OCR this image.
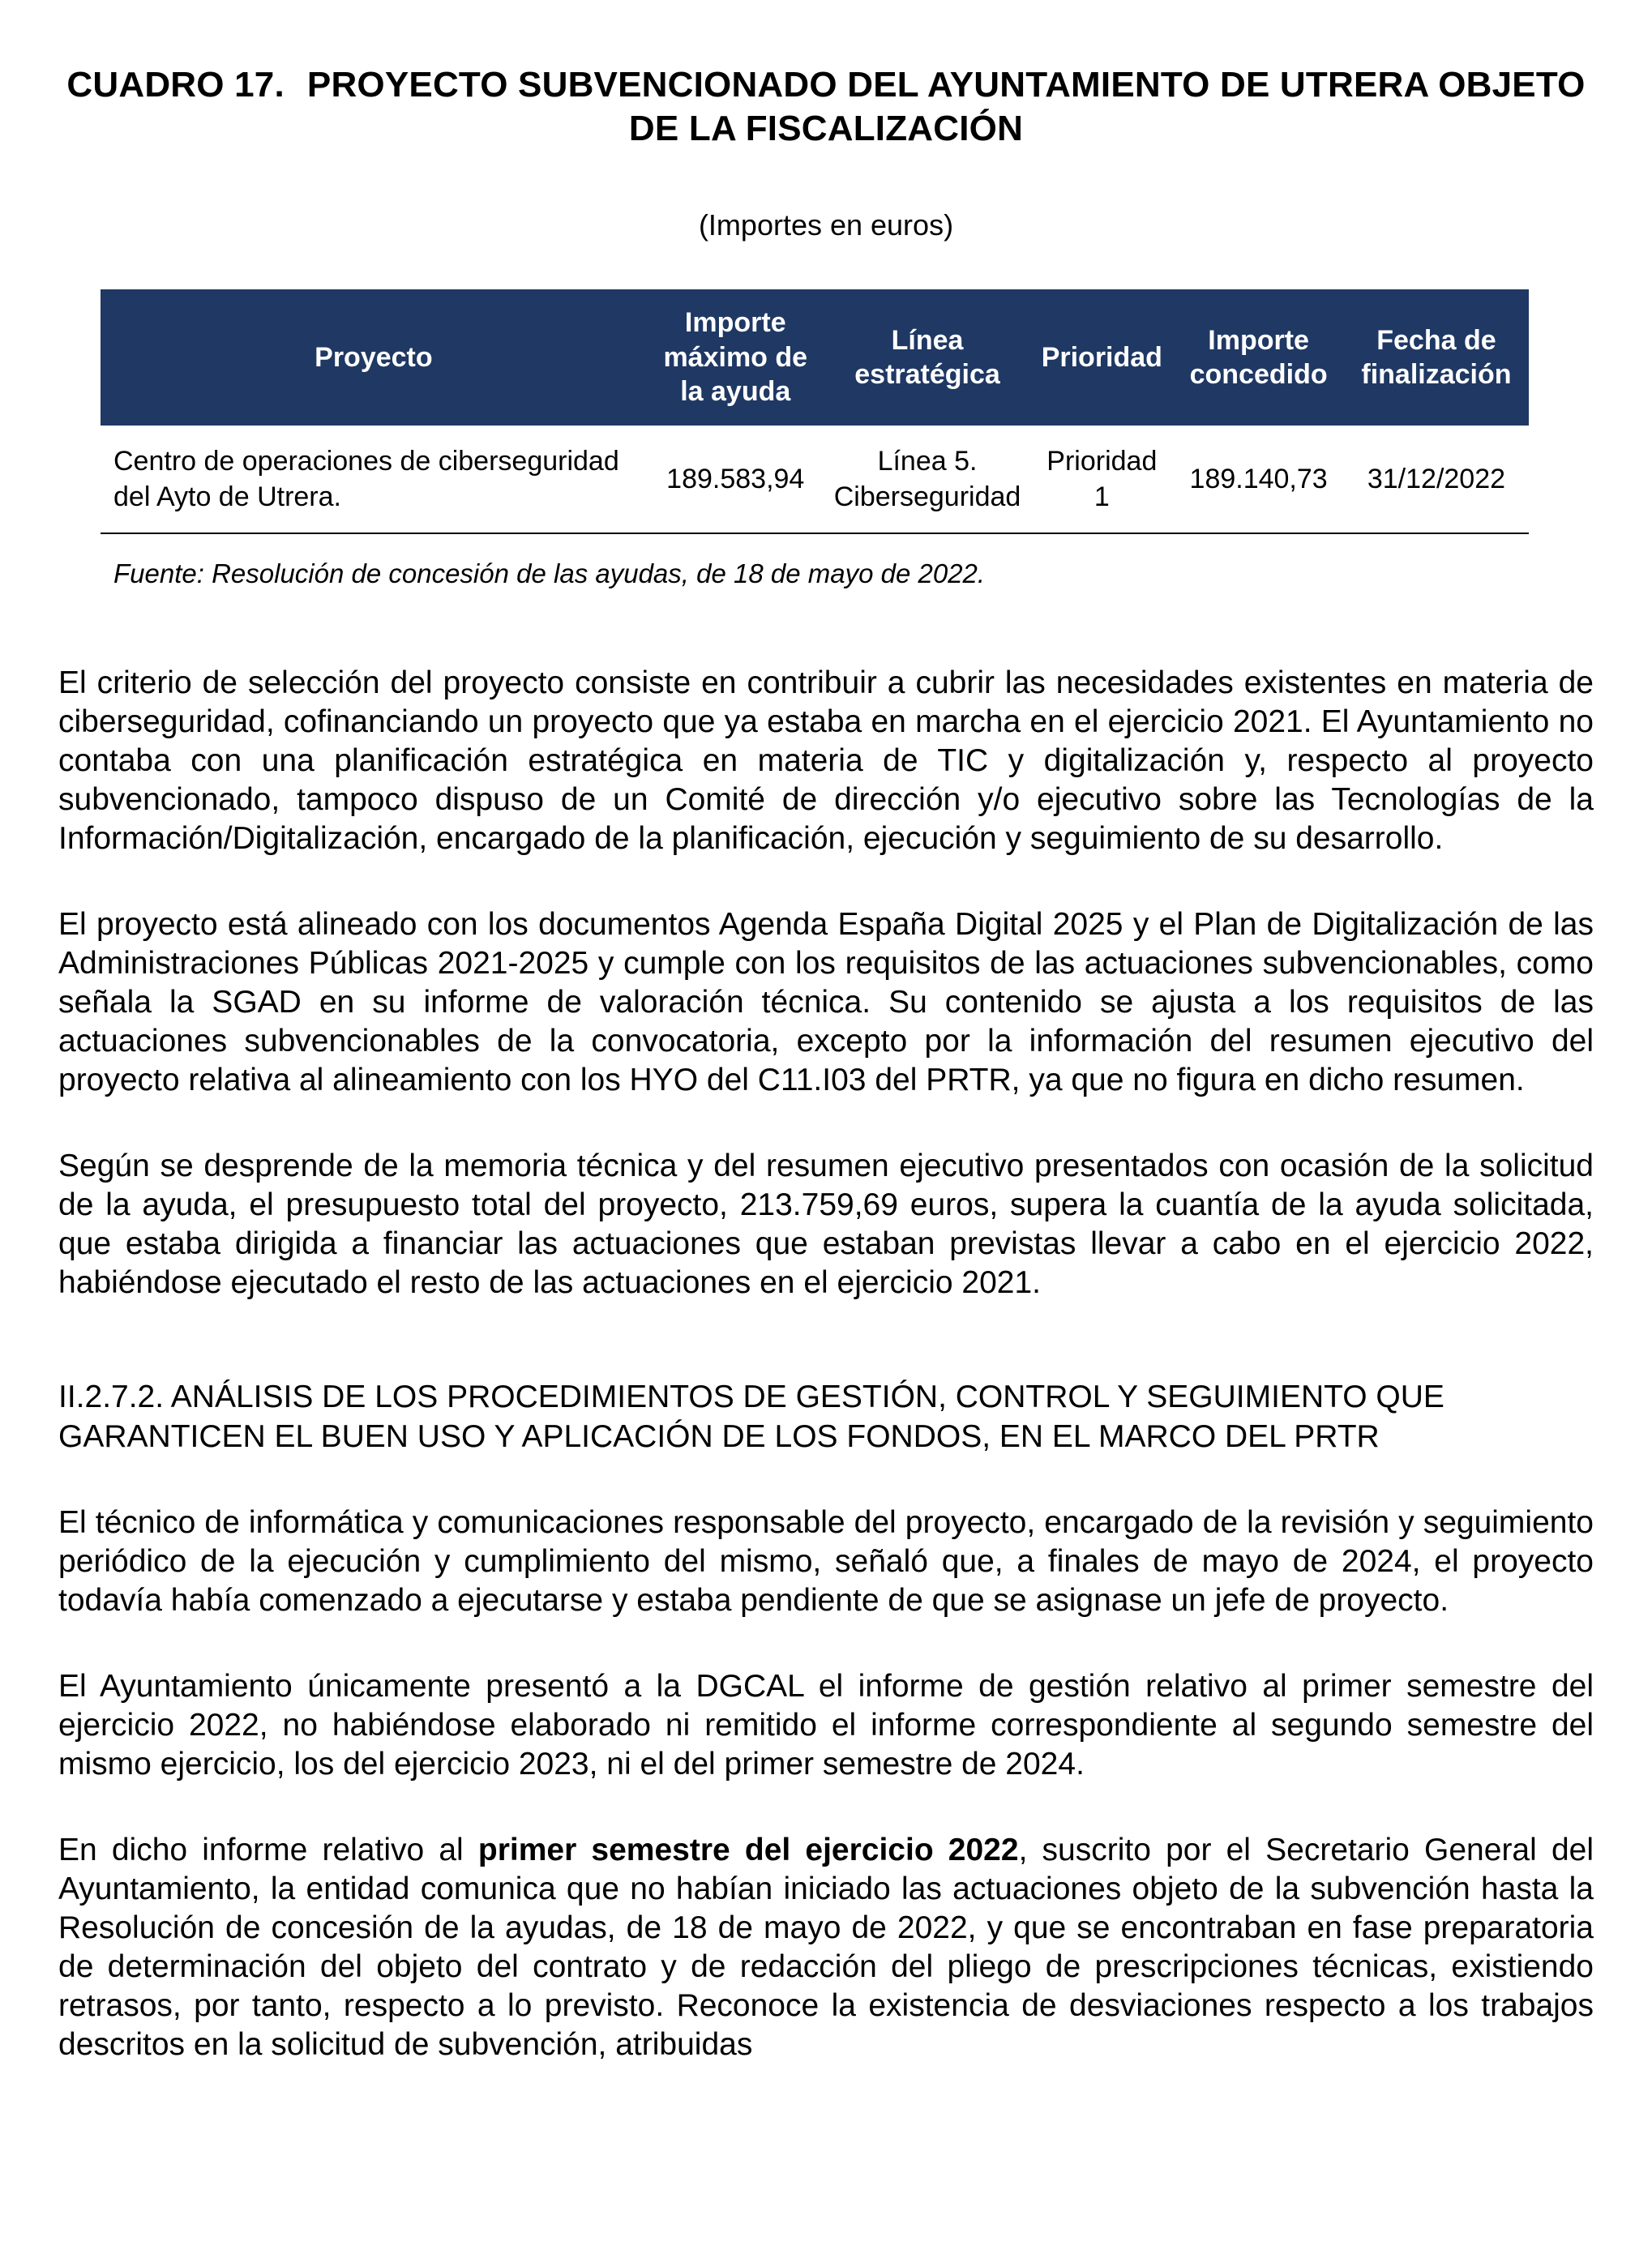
CUADRO 17. PROYECTO SUBVENCIONADO DEL AYUNTAMIENTO DE UTRERA OBJETO DE LA FISCALIZACIÓN
(Importes en euros)
Proyecto	Importe máximo de la ayuda	Línea estratégica	Prioridad	Importe concedido	Fecha de finalización
Centro de operaciones de ciberseguridad del Ayto de Utrera.	189.583,94	Línea 5. Ciberseguridad	Prioridad 1	189.140,73	31/12/2022
Fuente: Resolución de concesión de las ayudas, de 18 de mayo de 2022.

El criterio de selección del proyecto consiste en contribuir a cubrir las necesidades existentes en materia de ciberseguridad, cofinanciando un proyecto que ya estaba en marcha en el ejercicio 2021. El Ayuntamiento no contaba con una planificación estratégica en materia de TIC y digitalización y, respecto al proyecto subvencionado, tampoco dispuso de un Comité de dirección y/o ejecutivo sobre las Tecnologías de la Información/Digitalización, encargado de la planificación, ejecución y seguimiento de su desarrollo.

El proyecto está alineado con los documentos Agenda España Digital 2025 y el Plan de Digitalización de las Administraciones Públicas 2021-2025 y cumple con los requisitos de las actuaciones subvencionables, como señala la SGAD en su informe de valoración técnica. Su contenido se ajusta a los requisitos de las actuaciones subvencionables de la convocatoria, excepto por la información del resumen ejecutivo del proyecto relativa al alineamiento con los HYO del C11.I03 del PRTR, ya que no figura en dicho resumen.

Según se desprende de la memoria técnica y del resumen ejecutivo presentados con ocasión de la solicitud de la ayuda, el presupuesto total del proyecto, 213.759,69 euros, supera la cuantía de la ayuda solicitada, que estaba dirigida a financiar las actuaciones que estaban previstas llevar a cabo en el ejercicio 2022, habiéndose ejecutado el resto de las actuaciones en el ejercicio 2021.

II.2.7.2. ANÁLISIS DE LOS PROCEDIMIENTOS DE GESTIÓN, CONTROL Y SEGUIMIENTO QUE GARANTICEN EL BUEN USO Y APLICACIÓN DE LOS FONDOS, EN EL MARCO DEL PRTR

El técnico de informática y comunicaciones responsable del proyecto, encargado de la revisión y seguimiento periódico de la ejecución y cumplimiento del mismo, señaló que, a finales de mayo de 2024, el proyecto todavía había comenzado a ejecutarse y estaba pendiente de que se asignase un jefe de proyecto.

El Ayuntamiento únicamente presentó a la DGCAL el informe de gestión relativo al primer semestre del ejercicio 2022, no habiéndose elaborado ni remitido el informe correspondiente al segundo semestre del mismo ejercicio, los del ejercicio 2023, ni el del primer semestre de 2024.

En dicho informe relativo al primer semestre del ejercicio 2022, suscrito por el Secretario General del Ayuntamiento, la entidad comunica que no habían iniciado las actuaciones objeto de la subvención hasta la Resolución de concesión de la ayudas, de 18 de mayo de 2022, y que se encontraban en fase preparatoria de determinación del objeto del contrato y de redacción del pliego de prescripciones técnicas, existiendo retrasos, por tanto, respecto a lo previsto. Reconoce la existencia de desviaciones respecto a los trabajos descritos en la solicitud de subvención, atribuidas
